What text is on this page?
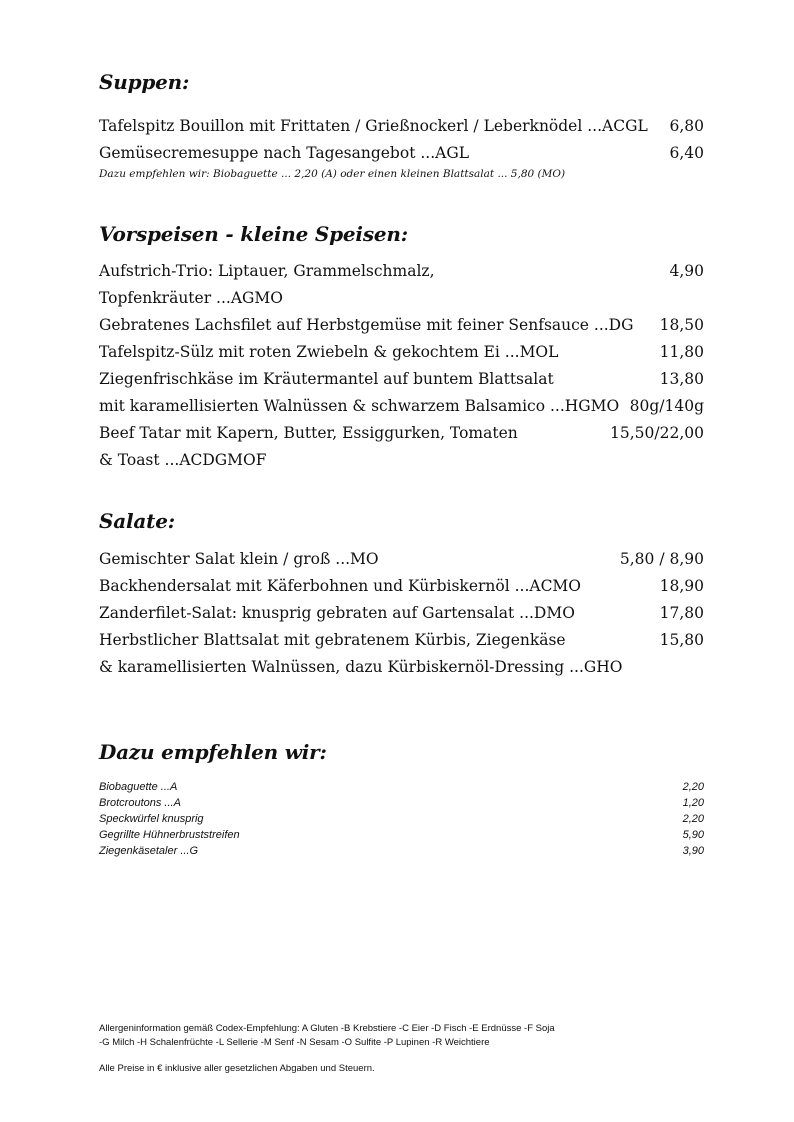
Suppen:
Tafelspitz Bouillon mit Frittaten / Grießnockerl / Leberknödel ...ACGL 6,80
Gemüsecremesuppe nach Tagesangebot ...AGL	6,40
Dazu empfehlen wir: Biobaguette ... 2,20 (A) oder einen kleinen Blattsalat ... 5,80 (MO)
Vorspeisen - kleine Speisen:
Aufstrich-Trio: Liptauer, Grammelschmalz,	4,90
Topfenkräuter ...AGMO
Gebratenes Lachsfilet auf Herbstgemüse mit feiner Senfsauce ...DG 18,50
Tafelspitz-Sülz mit roten Zwiebeln & gekochtem Ei ...MOL	11,80
Ziegenfrischkäse im Kräutermantel auf buntem Blattsalat	13,80
mit karamellisierten Walnüssen & schwarzem Balsamico ...HGMO 80g/140g
Beef Tatar mit Kapern, Butter, Essiggurken, Tomaten	15,50/22,00
& Toast ...ACDGMOF
Salate:
Gemischter Salat klein / groß ...MO	5,80 / 8,90
Backhendersalat mit Käferbohnen und Kürbiskernöl ...ACMO	18,90
Zanderfilet-Salat: knusprig gebraten auf Gartensalat ...DMO	17,80
Herbstlicher Blattsalat mit gebratenem Kürbis, Ziegenkäse	15,80
& karamellisierten Walnüssen, dazu Kürbiskernöl-Dressing ...GHO
Dazu empfehlen wir:
Biobaguette ...A	2,20
Brotcroutons ...A	1,20
Speckwürfel knusprig	2,20
Gegrillte Hühnerbruststreifen	5,90
Ziegenkäsetaler ...G	3,90
Allergeninformation gemäß Codex-Empfehlung: A Gluten -B Krebstiere -C Eier -D Fisch -E Erdnüsse -F Soja
-G Milch -H Schalenfrüchte -L Sellerie -M Senf -N Sesam -O Sulfite -P Lupinen -R Weichtiere
Alle Preise in € inklusive aller gesetzlichen Abgaben und Steuern.
